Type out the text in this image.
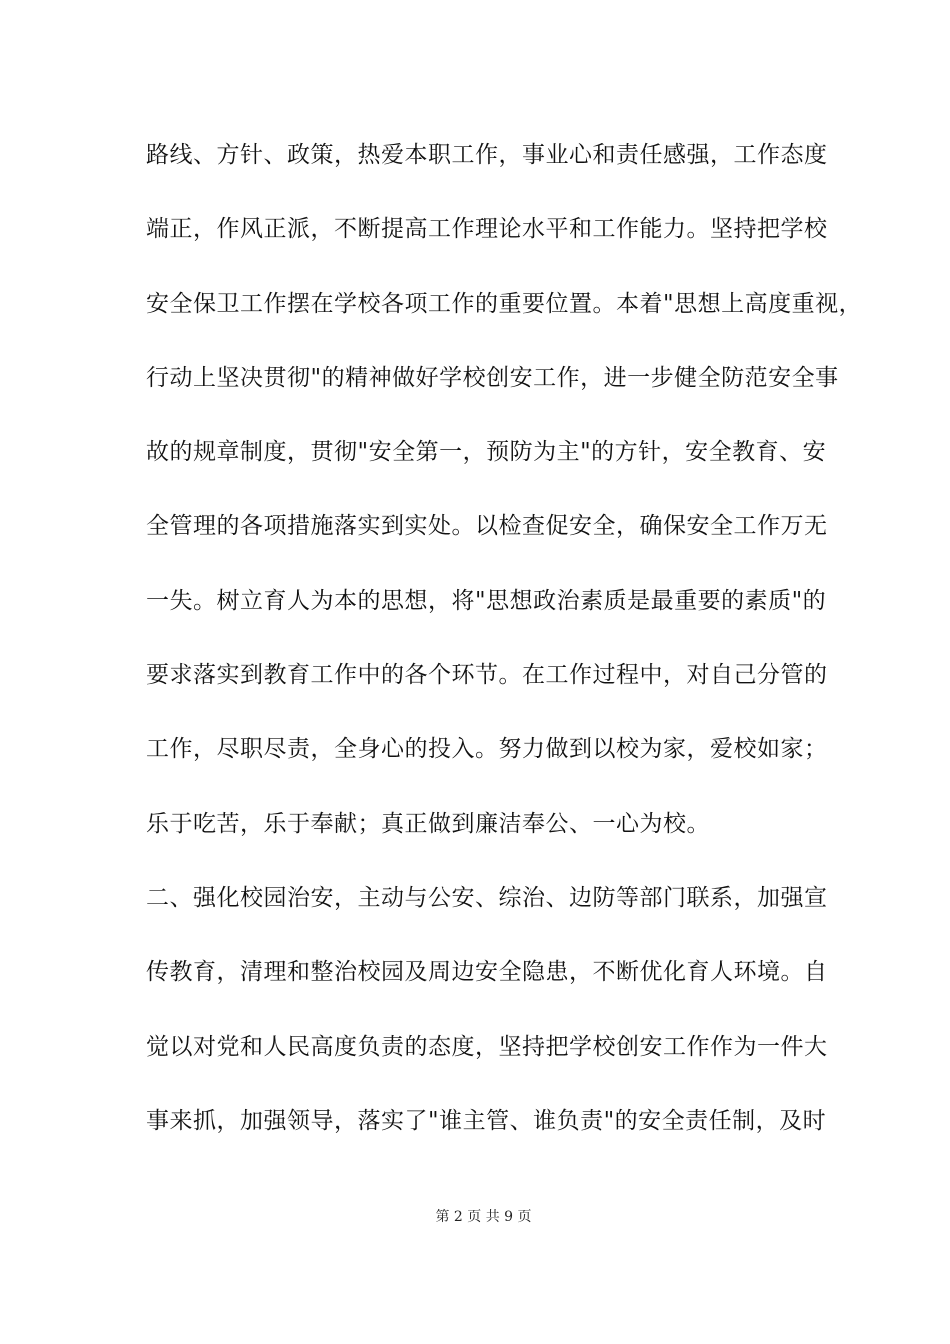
路线、方针、政策，热爱本职工作，事业心和责任感强，工作态度
端正，作风正派，不断提高工作理论水平和工作能力。坚持把学校
安全保卫工作摆在学校各项工作的重要位置。本着"思想上高度重视，
行动上坚决贯彻"的精神做好学校创安工作，进一步健全防范安全事
故的规章制度，贯彻"安全第一，预防为主"的方针，安全教育、安
全管理的各项措施落实到实处。以检查促安全，确保安全工作万无
一失。树立育人为本的思想，将"思想政治素质是最重要的素质"的
要求落实到教育工作中的各个环节。在工作过程中，对自己分管的
工作，尽职尽责，全身心的投入。努力做到以校为家，爱校如家；
乐于吃苦，乐于奉献；真正做到廉洁奉公、一心为校。
二、强化校园治安，主动与公安、综治、边防等部门联系，加强宣
传教育，清理和整治校园及周边安全隐患，不断优化育人环境。自
觉以对党和人民高度负责的态度，坚持把学校创安工作作为一件大
事来抓，加强领导，落实了"谁主管、谁负责"的安全责任制，及时
第 2 页 共 9 页
